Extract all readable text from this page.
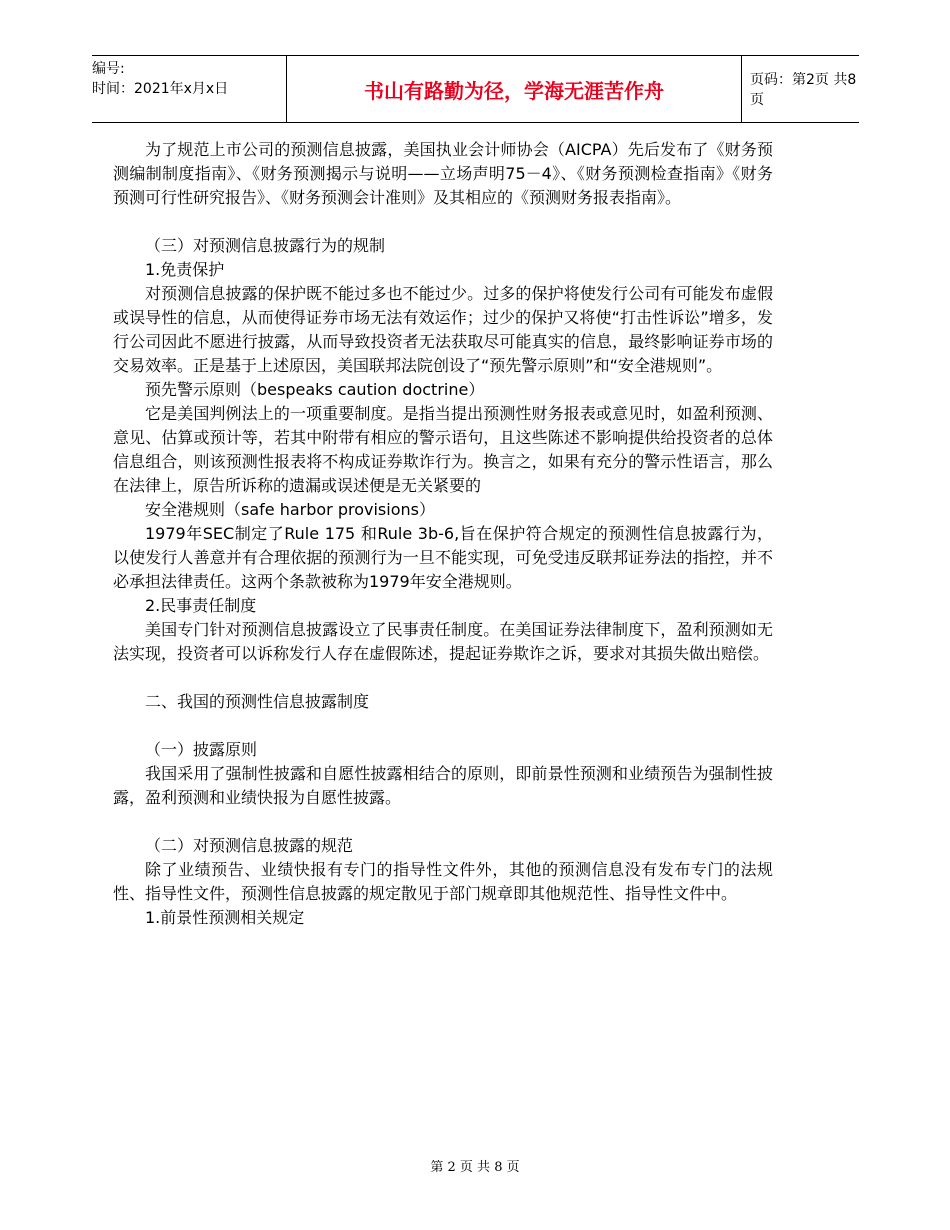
编号:
时间：2021年x月x日	书山有路勤为径，学海无涯苦作舟	页码：第2页 共8页

为了规范上市公司的预测信息披露，美国执业会计师协会（AICPA）先后发布了《财务预测编制制度指南》、《财务预测揭示与说明——立场声明75－4》、《财务预测检查指南》《财务预测可行性研究报告》、《财务预测会计准则》及其相应的《预测财务报表指南》。

（三）对预测信息披露行为的规制

1.免责保护

对预测信息披露的保护既不能过多也不能过少。过多的保护将使发行公司有可能发布虚假或误导性的信息，从而使得证券市场无法有效运作；过少的保护又将使“打击性诉讼”增多，发行公司因此不愿进行披露，从而导致投资者无法获取尽可能真实的信息，最终影响证券市场的交易效率。正是基于上述原因，美国联邦法院创设了“预先警示原则”和“安全港规则”。

预先警示原则（bespeaks caution doctrine）

它是美国判例法上的一项重要制度。是指当提出预测性财务报表或意见时，如盈利预测、意见、估算或预计等，若其中附带有相应的警示语句，且这些陈述不影响提供给投资者的总体信息组合，则该预测性报表将不构成证券欺诈行为。换言之，如果有充分的警示性语言，那么在法律上，原告所诉称的遗漏或误述便是无关紧要的

安全港规则（safe harbor provisions）

1979年SEC制定了Rule 175 和Rule 3b-6,旨在保护符合规定的预测性信息披露行为，以使发行人善意并有合理依据的预测行为一旦不能实现，可免受违反联邦证券法的指控，并不必承担法律责任。这两个条款被称为1979年安全港规则。

2.民事责任制度

美国专门针对预测信息披露设立了民事责任制度。在美国证券法律制度下，盈利预测如无法实现，投资者可以诉称发行人存在虚假陈述，提起证券欺诈之诉，要求对其损失做出赔偿。

二、我国的预测性信息披露制度

（一）披露原则

我国采用了强制性披露和自愿性披露相结合的原则，即前景性预测和业绩预告为强制性披露，盈利预测和业绩快报为自愿性披露。

（二）对预测信息披露的规范

除了业绩预告、业绩快报有专门的指导性文件外，其他的预测信息没有发布专门的法规性、指导性文件，预测性信息披露的规定散见于部门规章即其他规范性、指导性文件中。

1.前景性预测相关规定

第 2 页 共 8 页
